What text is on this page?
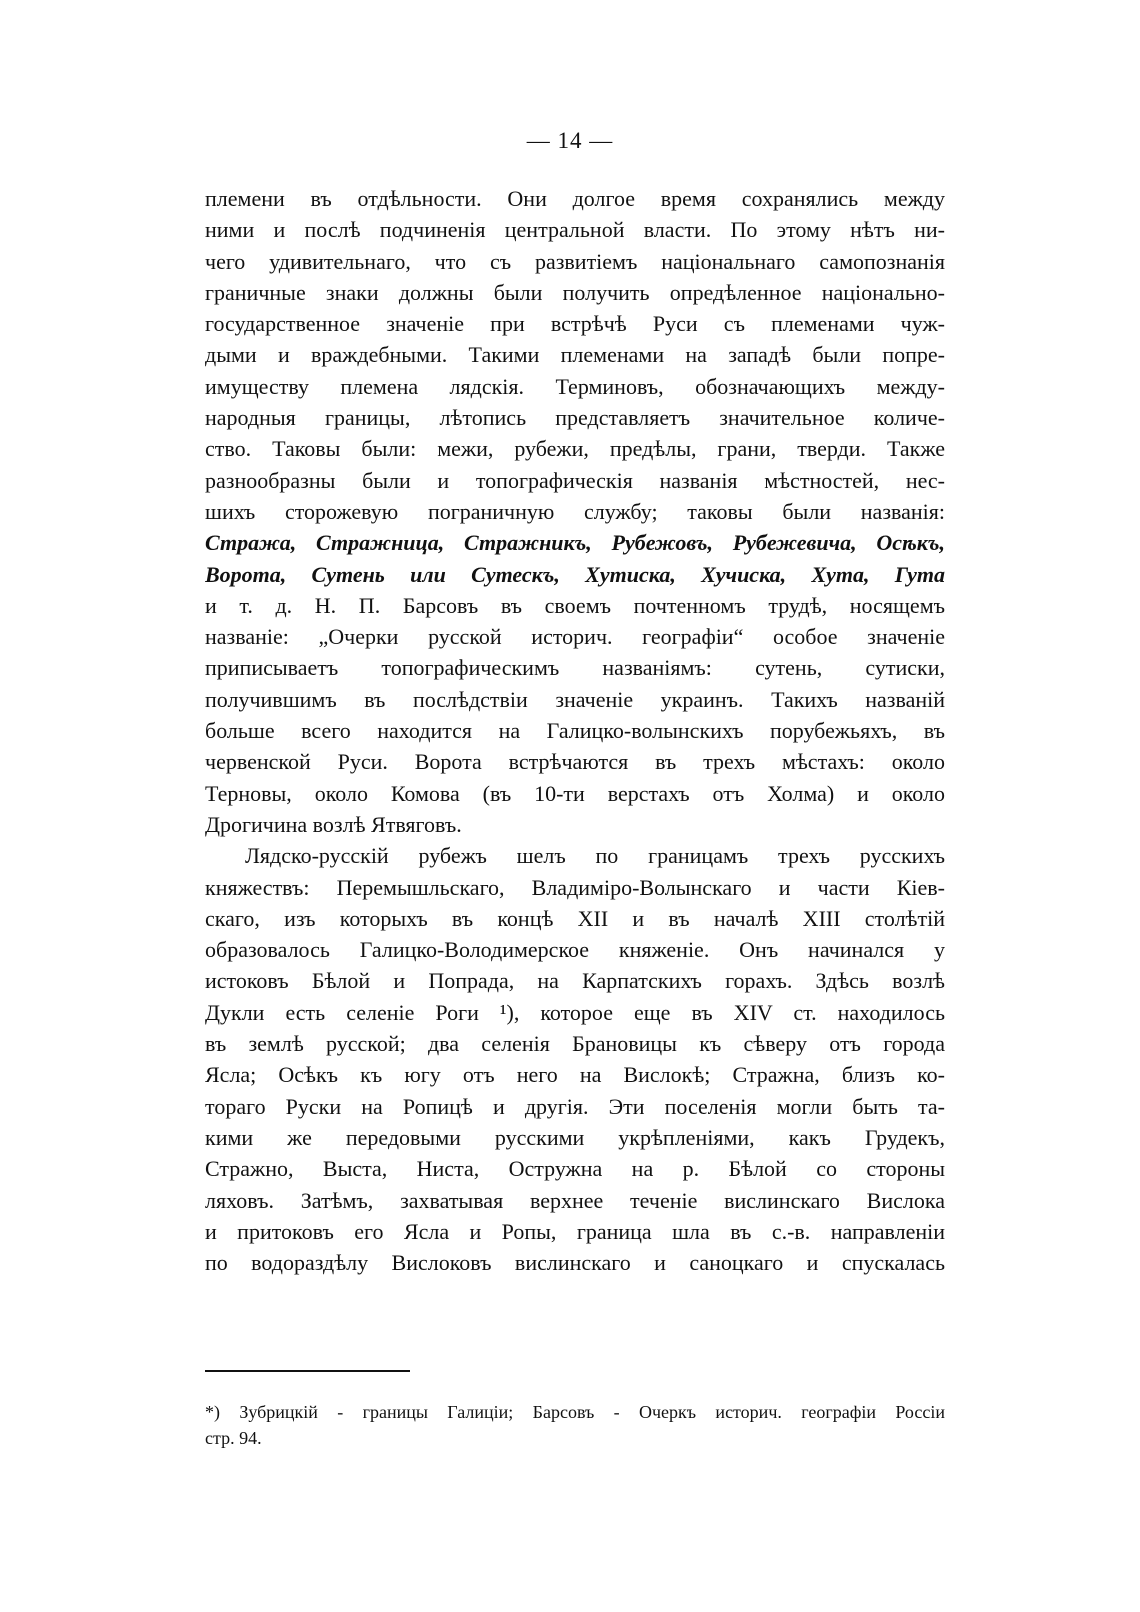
— 14 —
племени въ отдѣльности. Они долгое время сохранялись между
ними и послѣ подчиненія центральной власти. По этому нѣтъ ни-
чего удивительнаго, что съ развитіемъ національнаго самопознанія
граничные знаки должны были получить опредѣленное національно-
государственное значеніе при встрѣчѣ Руси съ племенами чуж-
дыми и враждебными. Такими племенами на западѣ были попре-
имуществу племена лядскія. Терминовъ, обозначающихъ между-
народныя границы, лѣтопись представляетъ значительное количе-
ство. Таковы были: межи, рубежи, предѣлы, грани, тверди. Также
разнообразны были и топографическія названія мѣстностей, нес-
шихъ сторожевую пограничную службу; таковы были названія:
Стража, Стражница, Стражникъ, Рубежовъ, Рубежевича, Осѣкъ,
Ворота, Сутень или Сутескъ, Хутиска, Хучиска, Хута, Гута
и т. д. Н. П. Барсовъ въ своемъ почтенномъ трудѣ, носящемъ
названіе: „Очерки русской историч. географіи“ особое значеніе
приписываетъ топографическимъ названіямъ: сутень, сутиски,
получившимъ въ послѣдствіи значеніе украинъ. Такихъ названій
больше всего находится на Галицко-волынскихъ порубежьяхъ, въ
червенской Руси. Ворота встрѣчаются въ трехъ мѣстахъ: около
Терновы, около Комова (въ 10-ти верстахъ отъ Холма) и около
Дрогичина возлѣ Ятвяговъ.
Лядско-русскій рубежъ шелъ по границамъ трехъ русскихъ
княжествъ: Перемышльскаго, Владиміро-Волынскаго и части Кіев-
скаго, изъ которыхъ въ концѣ XII и въ началѣ XIII столѣтій
образовалось Галицко-Володимерское княженіе. Онъ начинался у
истоковъ Бѣлой и Попрада, на Карпатскихъ горахъ. Здѣсь возлѣ
Дукли есть селеніе Роги ¹), которое еще въ XIV ст. находилось
въ землѣ русской; два селенія Брановицы къ сѣверу отъ города
Ясла; Осѣкъ къ югу отъ него на Вислокѣ; Стражна, близъ ко-
тораго Руски на Ропицѣ и другія. Эти поселенія могли быть та-
кими же передовыми русскими укрѣпленіями, какъ Грудекъ,
Стражно, Выста, Ниста, Остружна на р. Бѣлой со стороны
ляховъ. Затѣмъ, захватывая верхнее теченіе вислинскаго Вислока
и притоковъ его Ясла и Ропы, граница шла въ с.-в. направленіи
по водораздѣлу Вислоковъ вислинскаго и саноцкаго и спускалась
*) Зубрицкій - границы Галиціи; Барсовъ - Очеркъ историч. географіи Россіи
стр. 94.
